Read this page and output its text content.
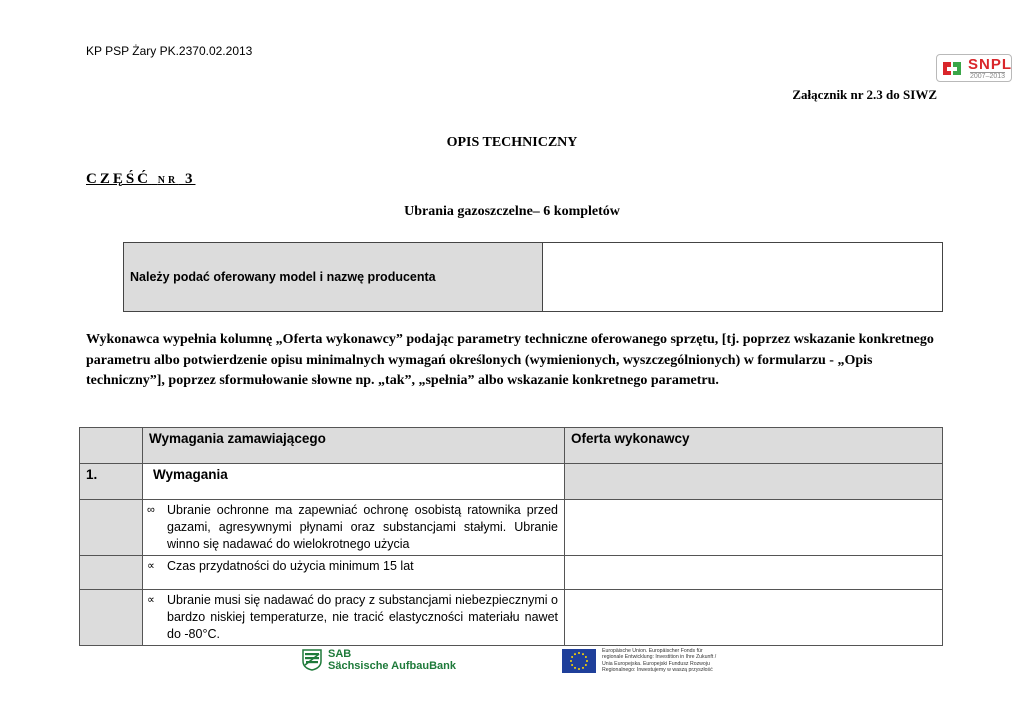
KP PSP Żary PK.2370.02.2013
SNPL
2007–2013
Załącznik nr 2.3 do SIWZ
OPIS TECHNICZNY
CZĘŚĆ NR 3
Ubrania gazoszczelne– 6 kompletów
Należy podać oferowany model i nazwę producenta	
Wykonawca wypełnia kolumnę „Oferta wykonawcy” podając parametry techniczne oferowanego sprzętu, [tj. poprzez wskazanie konkretnego parametru albo potwierdzenie opisu minimalnych wymagań określonych (wymienionych, wyszczególnionych) w formularzu - „Opis techniczny”], poprzez sformułowanie słowne np. „tak”, „spełnia” albo wskazanie konkretnego parametru.
	Wymagania zamawiającego	Oferta wykonawcy
1.	Wymagania	

	∞ Ubranie ochronne ma zapewniać ochronę osobistą ratownika przed gazami, agresywnymi płynami oraz substancjami stałymi. Ubranie winno się nadawać do wielokrotnego użycia	

	∝ Czas przydatności do użycia minimum 15 lat	

	∝ Ubranie musi się nadawać do pracy z substancjami niebezpiecznymi o bardzo niskiej temperaturze, nie tracić elastyczności materiału nawet do -80°C.	

SAB
Sächsische AufbauBank
Europäische Union. Europäischer Fonds für
regionale Entwicklung: Investition in Ihre Zukunft /
Unia Europejska. Europejski Fundusz Rozwoju
Regionalnego: Inwestujemy w waszą przyszłość
